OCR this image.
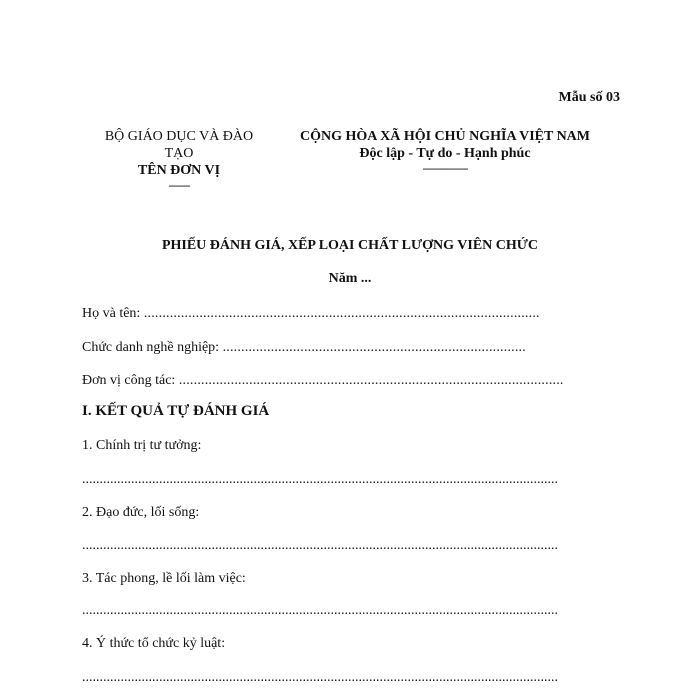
Mẫu số 03
BỘ GIÁO DỤC VÀ ĐÀO
TẠO
TÊN ĐƠN VỊ
-------
CỘNG HÒA XÃ HỘI CHỦ NGHĨA VIỆT NAM
Độc lập - Tự do - Hạnh phúc
---------------
PHIẾU ĐÁNH GIÁ, XẾP LOẠI CHẤT LƯỢNG VIÊN CHỨC
Năm ...
Họ và tên: ...........................................................................................................
Chức danh nghề nghiệp: ..................................................................................
Đơn vị công tác: ........................................................................................................
I. KẾT QUẢ TỰ ĐÁNH GIÁ
1. Chính trị tư tưởng:
........................................................................................................................................
2. Đạo đức, lối sống:
........................................................................................................................................
3. Tác phong, lề lối làm việc:
........................................................................................................................................
4. Ý thức tổ chức kỷ luật:
........................................................................................................................................
